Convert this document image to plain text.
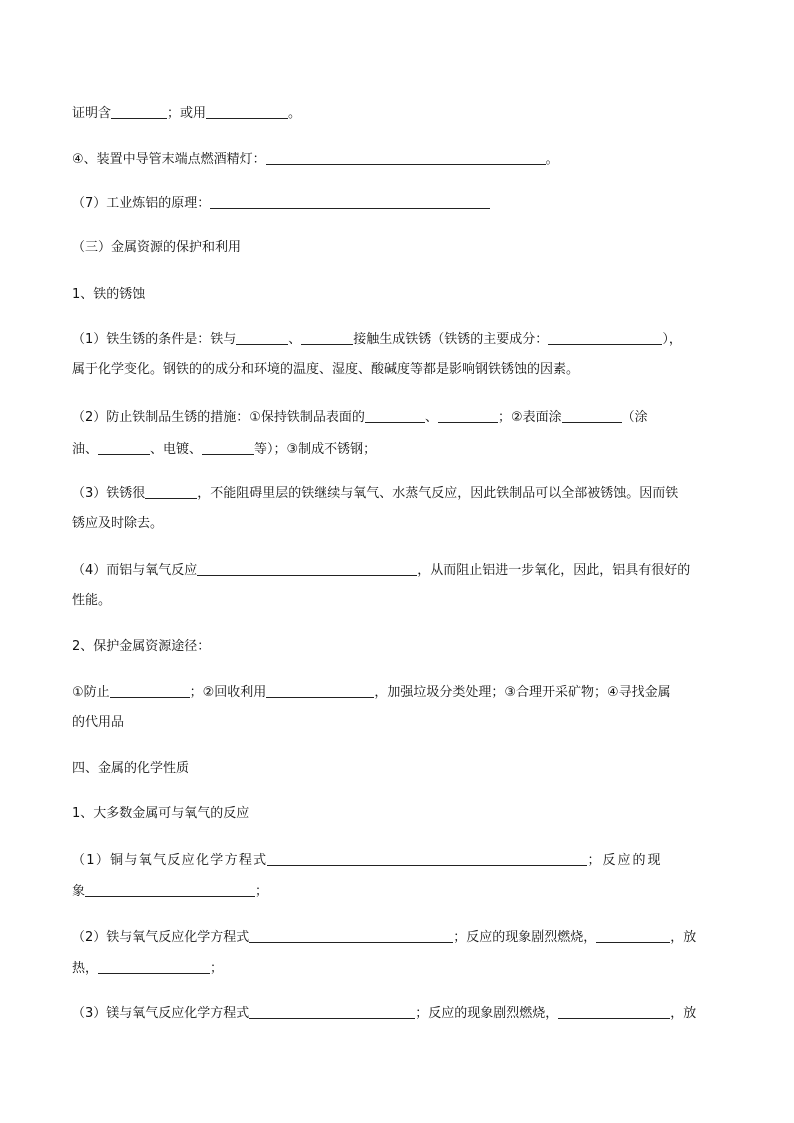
证明含	；或用	。
④、装置中导管末端点燃酒精灯：	。
（7）工业炼铝的原理：
（三）金属资源的保护和利用
1、铁的锈蚀
（1）铁生锈的条件是：铁与	、	接触生成铁锈（铁锈的主要成分：	），
属于化学变化。钢铁的的成分和环境的温度、湿度、酸碱度等都是影响钢铁锈蚀的因素。
（2）防止铁制品生锈的措施：①保持铁制品表面的	、	；②表面涂	（涂
油、	、电镀、	等）；③制成不锈钢；
（3）铁锈很	，不能阻碍里层的铁继续与氧气、水蒸气反应，因此铁制品可以全部被锈蚀。因而铁
锈应及时除去。
（4）而铝与氧气反应	，从而阻止铝进一步氧化，因此，铝具有很好的
性能。
2、保护金属资源途径：
①防止	；②回收利用	，加强垃圾分类处理；③合理开采矿物；④寻找金属
的代用品
四、金属的化学性质
1、大多数金属可与氧气的反应
（1）铜与氧气反应化学方程式	；反应的现
象	；
（2）铁与氧气反应化学方程式	；反应的现象剧烈燃烧，	，放
热，	；
（3）镁与氧气反应化学方程式	；反应的现象剧烈燃烧，	，放
